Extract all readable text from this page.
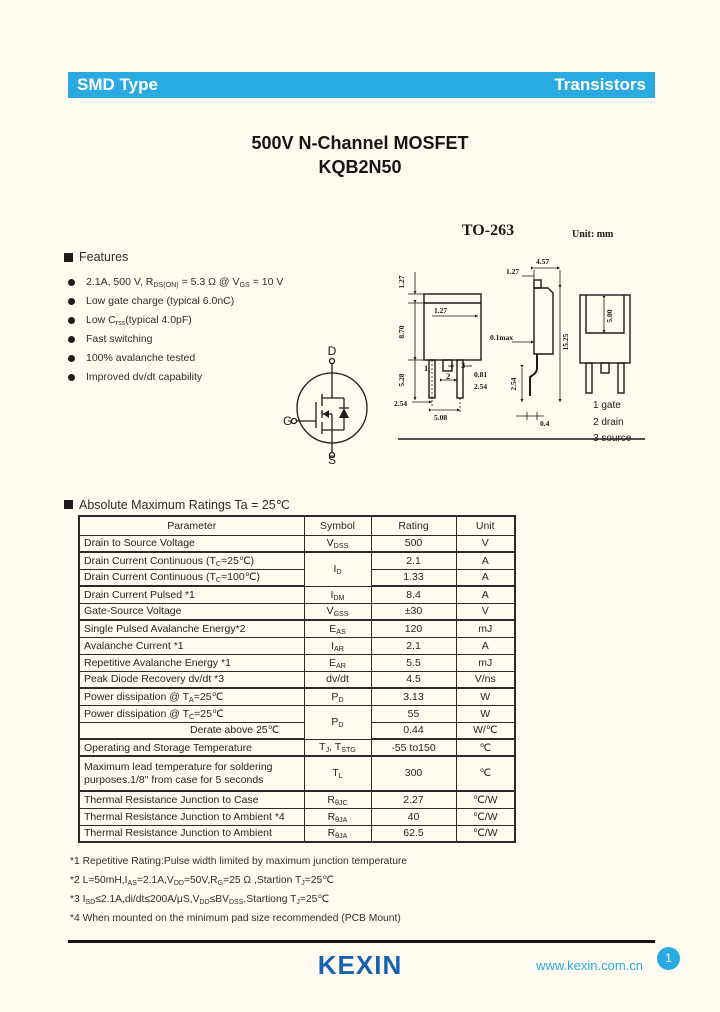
SMD Type	Transistors
500V N-Channel MOSFET
KQB2N50
Features
2.1A, 500 V, $R_{DS(ON)} = 5.3$ Ω @ $V_{GS} = 10$ V
Low gate charge (typical 6.0nC)
Low $C_{rss}(typical$ 4.0pF)
Fast switching
100% avalanche tested
Improved dv/dt capability
D
G
S
TO-263	Unit: mm
1.27
8.70
5.28
1.27
2.54
5.08
0.81
2.54
1
2
3
1.27
4.57
0.1max	15.25
2.54
0.4
5.00
1 gate
2 drain
3 source
Absolute Maximum Ratings Ta = 25℃
Parameter	Symbol	Rating	Unit
Drain to Source Voltage	$V_{DSS}$	500	V
Drain Current Continuous $(T_C=25℃)$	$I_D$	2.1	A
Drain Current Continuous $(T_C=100℃)$		1.33	A
Drain Current Pulsed *1	$I_{DM}$	8.4	A
Gate-Source Voltage	$V_{GSS}$	±30	V
Single Pulsed Avalanche Energy*2	$E_{AS}$	120	mJ
Avalanche Current *1	$I_{AR}$	2.1	A
Repetitive Avalanche Energy *1	$E_{AR}$	5.5	mJ
Peak Diode Recovery dv/dt *3	dv/dt	4.5	V/ns
Power dissipation @ $T_A=25℃$	$P_D$	3.13	W
Power dissipation @ $T_C=25℃$	$P_D$	55	W
Derate above 25℃		0.44	W/℃
Operating and Storage Temperature	$T_J$, $T_{STG}$	-55 to150	℃
Maximum lead temperature for soldering purposes.1/8" from case for 5 seconds	$T_L$	300	℃
Thermal Resistance Junction to Case	$R_{\theta JC}$	2.27	℃/W
Thermal Resistance Junction to Ambient *4	$R_{\theta JA}$	40	℃/W
Thermal Resistance Junction to Ambient	$R_{\theta JA}$	62.5	℃/W
*1 Repetitive Rating:Pulse width limited by maximum junction temperature
*2 $L=50mH,I_{AS}=2.1A,V_{DD}=50V,R_G=25$ Ω ,Startion $T_J=25℃$
*3 $I_{SD}\le 2.1A,di/dt\le 200A/\mu S,V_{DD}\le BV_{DSS},Startiong$ $T_J=25℃$
*4 When mounted on the minimum pad size recommended (PCB Mount)
KEXIN	www.kexin.com.cn	1
